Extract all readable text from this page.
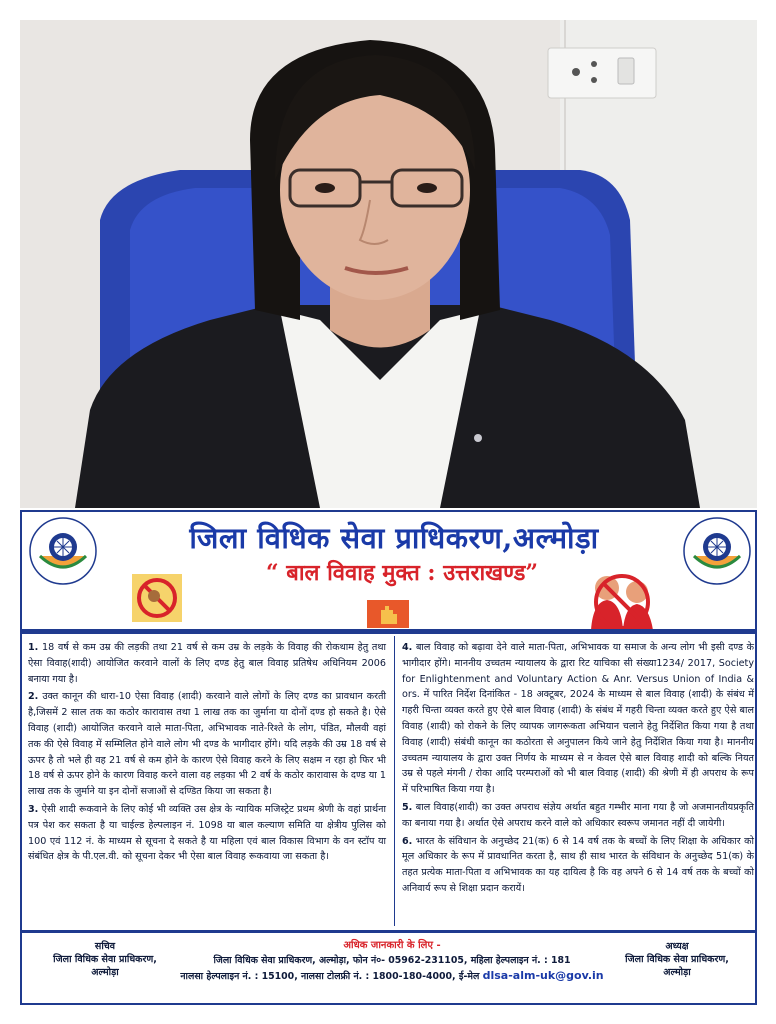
जिला विधिक सेवा प्राधिकरण,अल्मोड़ा
“ बाल विवाह मुक्त : उत्तराखण्ड”

1. 18 वर्ष से कम उम्र की लड़की तथा 21 वर्ष से कम उम्र के लड़के के विवाह की रोकथाम हेतु तथा ऐसा विवाह(शादी) आयोजित करवाने वालों के लिए दण्ड हेतु बाल विवाह प्रतिषेध अधिनियम 2006 बनाया गया है।

2. उक्त कानून की धारा-10 ऐसा विवाह (शादी) करवाने वाले लोगों के लिए दण्ड का प्रावधान करती है,जिसमें 2 साल तक का कठोर कारावास तथा 1 लाख तक का जुर्माना या दोनों दण्ड हो सकते है। ऐसे विवाह (शादी) आयोजित करवाने वाले माता-पिता, अभिभावक नाते-रिश्ते के लोग, पंडित, मौलवी वहां तक की ऐसे विवाह में सम्मिलित होने वाले लोग भी दण्ड के भागीदार होंगे। यदि लड़के की उम्र 18 वर्ष से ऊपर है तो भले ही वह 21 वर्ष से कम होने के कारण ऐसे विवाह करने के लिए सक्षम न रहा हो फिर भी 18 वर्ष से ऊपर होने के कारण विवाह करने वाला वह लड़का भी 2 वर्ष के कठोर कारावास के दण्ड या 1 लाख तक के जुर्माने या इन दोनों सजाओं से दण्डित किया जा सकता है।

3. ऐसी शादी रूकवाने के लिए कोई भी व्यक्ति उस क्षेत्र के न्यायिक मजिस्ट्रेट प्रथम श्रेणी के वहां प्रार्थना पत्र पेश कर सकता है या चाईल्ड हेल्पलाइन नं. 1098 या बाल कल्याण समिति या क्षेत्रीय पुलिस को 100 एवं 112 नं. के माध्यम से सूचना दे सकते है या महिला एवं बाल विकास विभाग के वन स्टॉप या संबंधित क्षेत्र के पी.एल.वी. को सूचना देकर भी ऐसा बाल विवाह रूकवाया जा सकता है।

4. बाल विवाह को बढ़ावा देने वाले माता-पिता, अभिभावक या समाज के अन्य लोग भी इसी दण्ड के भागीदार होंगे। माननीय उच्चतम न्यायालय के द्वारा रिट याचिका सी संख्या1234/ 2017, Society for Enlightenment and Voluntary Action & Anr. Versus Union of India & ors. में पारित निर्देश दिनांकित - 18 अक्टूबर, 2024 के माध्यम से बाल विवाह (शादी) के संबंध में गहरी चिन्ता व्यक्त करते हुए ऐसे बाल विवाह (शादी) के संबंध में गहरी चिन्ता व्यक्त करते हुए ऐसे बाल विवाह (शादी) को रोकने के लिए व्यापक जागरूकता अभियान चलाने हेतु निर्देशित किया गया है तथा विवाह (शादी) संबंधी कानून का कठोरता से अनुपालन किये जाने हेतु निर्देशित किया गया है। माननीय उच्चतम न्यायालय के द्वारा उक्त निर्णय के माध्यम से न केवल ऐसे बाल विवाह शादी को बल्कि नियत उम्र से पहले मंगनी / रोका आदि परम्पराओं को भी बाल विवाह (शादी) की श्रेणी में ही अपराध के रूप में परिभाषित किया गया है।

5. बाल विवाह(शादी) का उक्त अपराध संज्ञेय अर्थात बहुत गम्भीर माना गया है जो अजमानतीयप्रकृति का बनाया गया है। अर्थात ऐसे अपराध करने वाले को अधिकार स्वरूप जमानत नहीं दी जायेगी।

6. भारत के संविधान के अनुच्छेद 21(क) 6 से 14 वर्ष तक के बच्चों के लिए शिक्षा के अधिकार को मूल अधिकार के रूप में प्रावधानित करता है, साथ ही साथ भारत के संविधान के अनुच्छेद 51(क) के तहत प्रत्येक माता-पिता व अभिभावक का यह दायित्व है कि वह अपने 6 से 14 वर्ष तक के बच्चों को अनिवार्य रूप से शिक्षा प्रदान करायें।

सचिव
जिला विधिक सेवा प्राधिकरण,
अल्मोड़ा
अधिक जानकारी के लिए -
जिला विधिक सेवा प्राधिकरण, अल्मोड़ा, फोन नं०- 05962-231105, महिला हेल्पलाइन नं. : 181
नालसा हेल्पलाइन नं. : 15100, नालसा टोलफ्री नं. : 1800-180-4000, ई-मेल dlsa-alm-uk@gov.in
अध्यक्ष
जिला विधिक सेवा प्राधिकरण,
अल्मोड़ा
